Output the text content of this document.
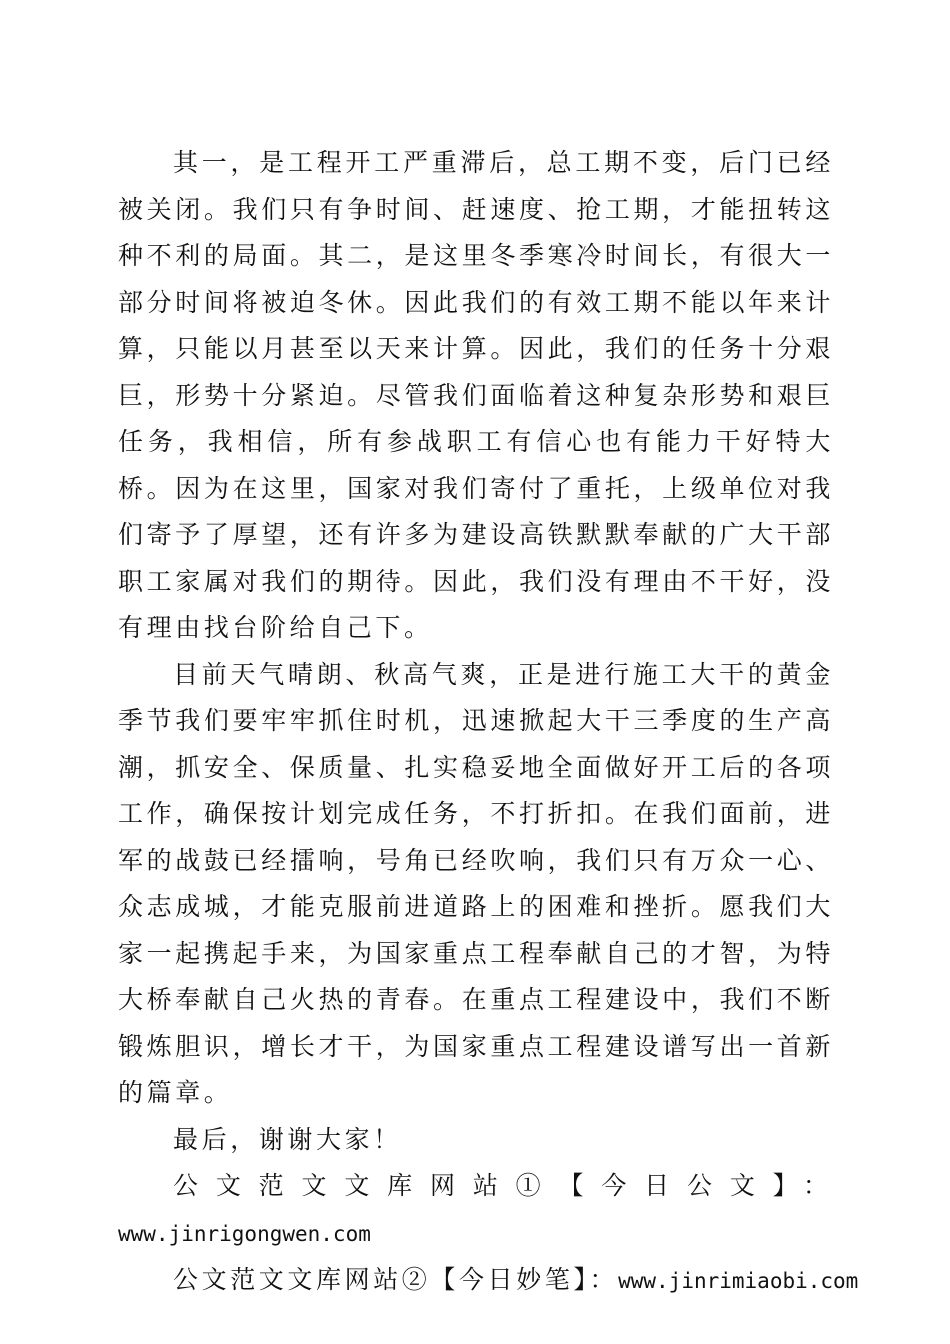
其一，是工程开工严重滞后，总工期不变，后门已经被关闭。我们只有争时间、赶速度、抢工期，才能扭转这种不利的局面。其二，是这里冬季寒冷时间长，有很大一部分时间将被迫冬休。因此我们的有效工期不能以年来计算，只能以月甚至以天来计算。因此，我们的任务十分艰巨，形势十分紧迫。尽管我们面临着这种复杂形势和艰巨任务，我相信，所有参战职工有信心也有能力干好特大桥。因为在这里，国家对我们寄付了重托，上级单位对我们寄予了厚望，还有许多为建设高铁默默奉献的广大干部职工家属对我们的期待。因此，我们没有理由不干好，没有理由找台阶给自己下。

目前天气晴朗、秋高气爽，正是进行施工大干的黄金季节我们要牢牢抓住时机，迅速掀起大干三季度的生产高潮，抓安全、保质量、扎实稳妥地全面做好开工后的各项工作，确保按计划完成任务，不打折扣。在我们面前，进军的战鼓已经擂响，号角已经吹响，我们只有万众一心、众志成城，才能克服前进道路上的困难和挫折。愿我们大家一起携起手来，为国家重点工程奉献自己的才智，为特大桥奉献自己火热的青春。在重点工程建设中，我们不断锻炼胆识，增长才干，为国家重点工程建设谱写出一首新的篇章。

最后，谢谢大家！

公文范文文库网站①【今日公文】：

www.jinrigongwen.com

公文范文文库网站②【今日妙笔】：www.jinrimiaobi.com
